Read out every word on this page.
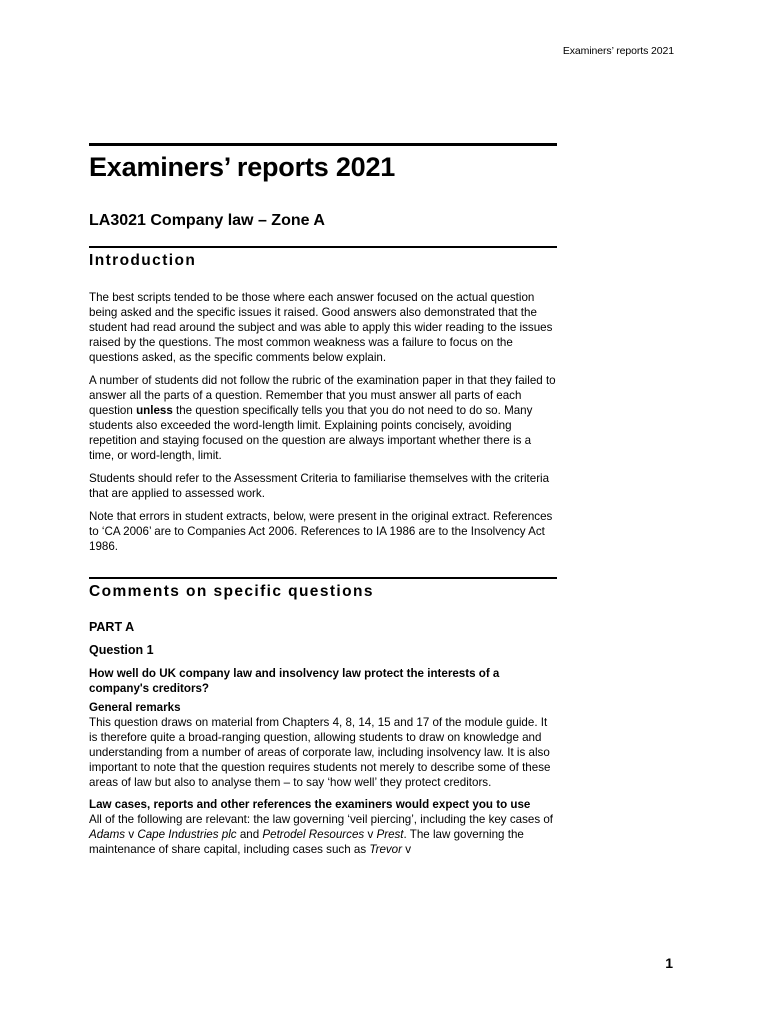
Examiners’ reports 2021
Examiners’ reports 2021
LA3021 Company law – Zone A
Introduction

The best scripts tended to be those where each answer focused on the actual question being asked and the specific issues it raised. Good answers also demonstrated that the student had read around the subject and was able to apply this wider reading to the issues raised by the questions. The most common weakness was a failure to focus on the questions asked, as the specific comments below explain.

A number of students did not follow the rubric of the examination paper in that they failed to answer all the parts of a question. Remember that you must answer all parts of each question unless the question specifically tells you that you do not need to do so. Many students also exceeded the word-length limit. Explaining points concisely, avoiding repetition and staying focused on the question are always important whether there is a time, or word-length, limit.

Students should refer to the Assessment Criteria to familiarise themselves with the criteria that are applied to assessed work.

Note that errors in student extracts, below, were present in the original extract. References to ‘CA 2006’ are to Companies Act 2006. References to IA 1986 are to the Insolvency Act 1986.

Comments on specific questions

PART A

Question 1

How well do UK company law and insolvency law protect the interests of a company's creditors?

General remarks

This question draws on material from Chapters 4, 8, 14, 15 and 17 of the module guide. It is therefore quite a broad-ranging question, allowing students to draw on knowledge and understanding from a number of areas of corporate law, including insolvency law. It is also important to note that the question requires students not merely to describe some of these areas of law but also to analyse them – to say ‘how well’ they protect creditors.

Law cases, reports and other references the examiners would expect you to use

All of the following are relevant: the law governing ‘veil piercing’, including the key cases of Adams v Cape Industries plc and Petrodel Resources v Prest. The law governing the maintenance of share capital, including cases such as Trevor v

1
